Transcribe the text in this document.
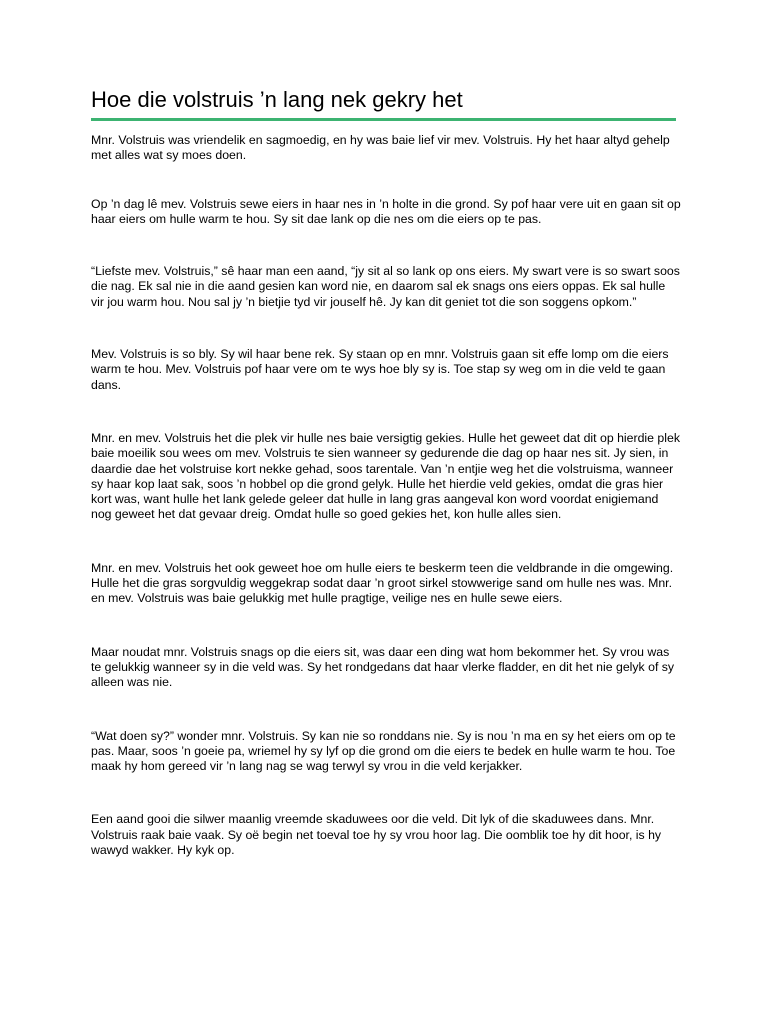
Hoe die volstruis ’n lang nek gekry het

Mnr. Volstruis was vriendelik en sagmoedig, en hy was baie lief vir mev. Volstruis. Hy het haar altyd gehelp met alles wat sy moes doen.

Op ’n dag lê mev. Volstruis sewe eiers in haar nes in ’n holte in die grond. Sy pof haar vere uit en gaan sit op haar eiers om hulle warm te hou. Sy sit dae lank op die nes om die eiers op te pas.

“Liefste mev. Volstruis,” sê haar man een aand, “jy sit al so lank op ons eiers. My swart vere is so swart soos die nag. Ek sal nie in die aand gesien kan word nie, en daarom sal ek snags ons eiers oppas. Ek sal hulle vir jou warm hou. Nou sal jy ’n bietjie tyd vir jouself hê. Jy kan dit geniet tot die son soggens opkom.”

Mev. Volstruis is so bly. Sy wil haar bene rek. Sy staan op en mnr. Volstruis gaan sit effe lomp om die eiers warm te hou. Mev. Volstruis pof haar vere om te wys hoe bly sy is. Toe stap sy weg om in die veld te gaan dans.

Mnr. en mev. Volstruis het die plek vir hulle nes baie versigtig gekies. Hulle het geweet dat dit op hierdie plek baie moeilik sou wees om mev. Volstruis te sien wanneer sy gedurende die dag op haar nes sit. Jy sien, in daardie dae het volstruise kort nekke gehad, soos tarentale. Van ’n entjie weg het die volstruisma, wanneer sy haar kop laat sak, soos ’n hobbel op die grond gelyk. Hulle het hierdie veld gekies, omdat die gras hier kort was, want hulle het lank gelede geleer dat hulle in lang gras aangeval kon word voordat enigiemand nog geweet het dat gevaar dreig. Omdat hulle so goed gekies het, kon hulle alles sien.

Mnr. en mev. Volstruis het ook geweet hoe om hulle eiers te beskerm teen die veldbrande in die omgewing. Hulle het die gras sorgvuldig weggekrap sodat daar ’n groot sirkel stowwerige sand om hulle nes was. Mnr. en mev. Volstruis was baie gelukkig met hulle pragtige, veilige nes en hulle sewe eiers.

Maar noudat mnr. Volstruis snags op die eiers sit, was daar een ding wat hom bekommer het. Sy vrou was te gelukkig wanneer sy in die veld was. Sy het rondgedans dat haar vlerke fladder, en dit het nie gelyk of sy alleen was nie.

“Wat doen sy?” wonder mnr. Volstruis. Sy kan nie so ronddans nie. Sy is nou ’n ma en sy het eiers om op te pas. Maar, soos ’n goeie pa, wriemel hy sy lyf op die grond om die eiers te bedek en hulle warm te hou. Toe maak hy hom gereed vir ’n lang nag se wag terwyl sy vrou in die veld kerjakker.

Een aand gooi die silwer maanlig vreemde skaduwees oor die veld. Dit lyk of die skaduwees dans. Mnr. Volstruis raak baie vaak. Sy oë begin net toeval toe hy sy vrou hoor lag. Die oomblik toe hy dit hoor, is hy wawyd wakker. Hy kyk op.
